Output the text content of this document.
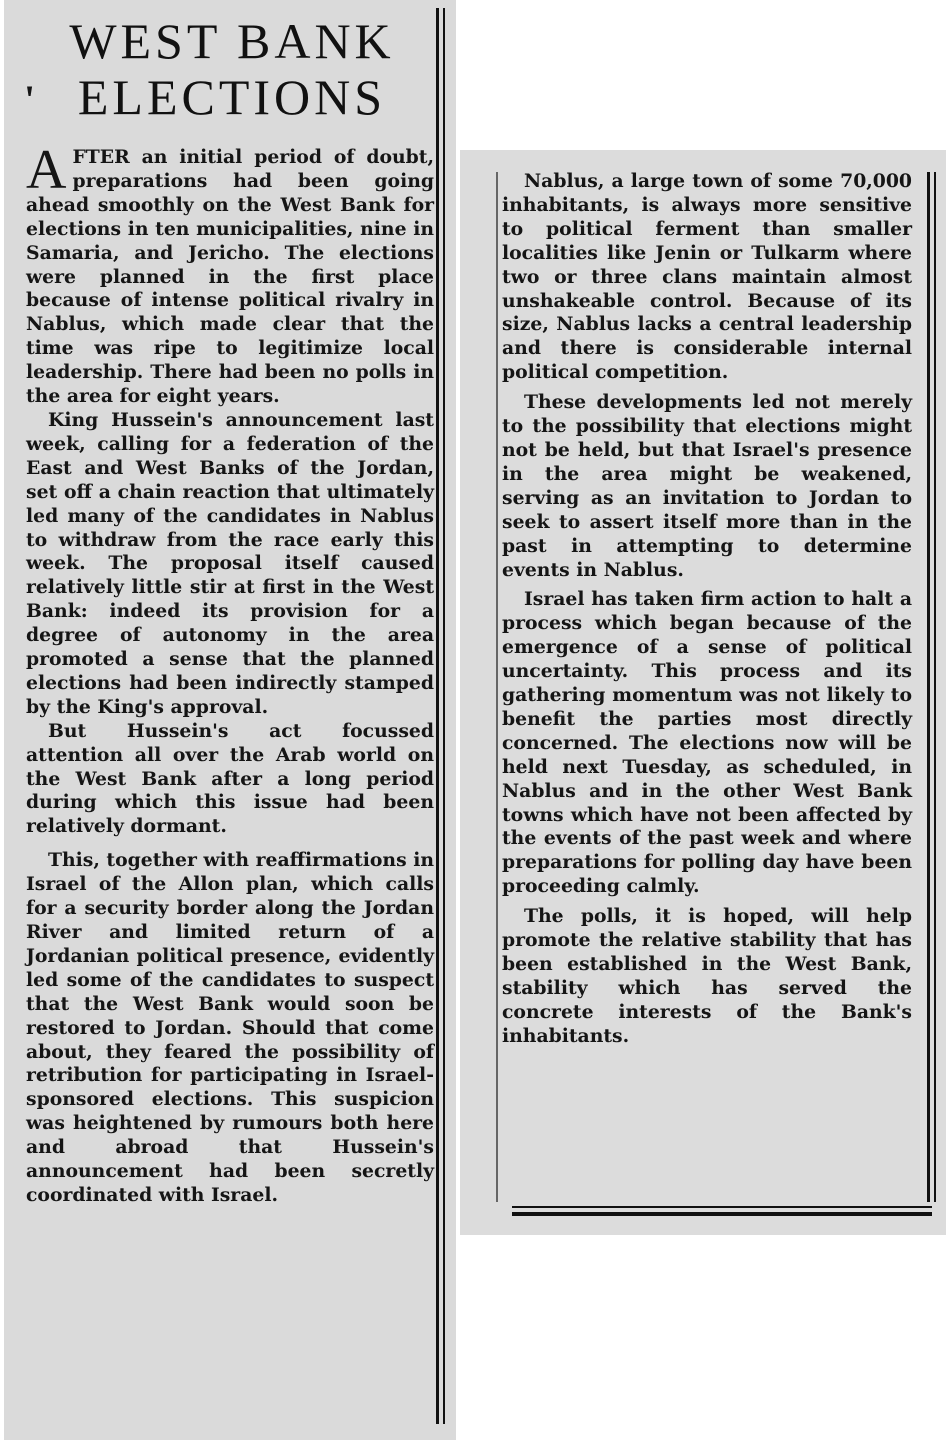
WEST BANK
' ELECTIONS

AFTER an initial period of doubt, preparations had been going ahead smoothly on the West Bank for elections in ten municipalities, nine in Samaria, and Jericho. The elections were planned in the first place because of intense political rivalry in Nablus, which made clear that the time was ripe to legitimize local leadership. There had been no polls in the area for eight years.

King Hussein's announcement last week, calling for a federation of the East and West Banks of the Jordan, set off a chain reaction that ultimately led many of the candidates in Nablus to withdraw from the race early this week. The proposal itself caused relatively little stir at first in the West Bank: indeed its provision for a degree of autonomy in the area promoted a sense that the planned elections had been indirectly stamped by the King's approval.

But Hussein's act focussed attention all over the Arab world on the West Bank after a long period during which this issue had been relatively dormant.

This, together with reaffirmations in Israel of the Allon plan, which calls for a security border along the Jordan River and limited return of a Jordanian political presence, evidently led some of the candidates to suspect that the West Bank would soon be restored to Jordan. Should that come about, they feared the possibility of retribution for participating in Israel-sponsored elections. This suspicion was heightened by rumours both here and abroad that Hussein's announcement had been secretly coordinated with Israel.

Nablus, a large town of some 70,000 inhabitants, is always more sensitive to political ferment than smaller localities like Jenin or Tulkarm where two or three clans maintain almost unshakeable control. Because of its size, Nablus lacks a central leadership and there is considerable internal political competition.

These developments led not merely to the possibility that elections might not be held, but that Israel's presence in the area might be weakened, serving as an invitation to Jordan to seek to assert itself more than in the past in attempting to determine events in Nablus.

Israel has taken firm action to halt a process which began because of the emergence of a sense of political uncertainty. This process and its gathering momentum was not likely to benefit the parties most directly concerned. The elections now will be held next Tuesday, as scheduled, in Nablus and in the other West Bank towns which have not been affected by the events of the past week and where preparations for polling day have been proceeding calmly.

The polls, it is hoped, will help promote the relative stability that has been established in the West Bank, stability which has served the concrete interests of the Bank's inhabitants.
